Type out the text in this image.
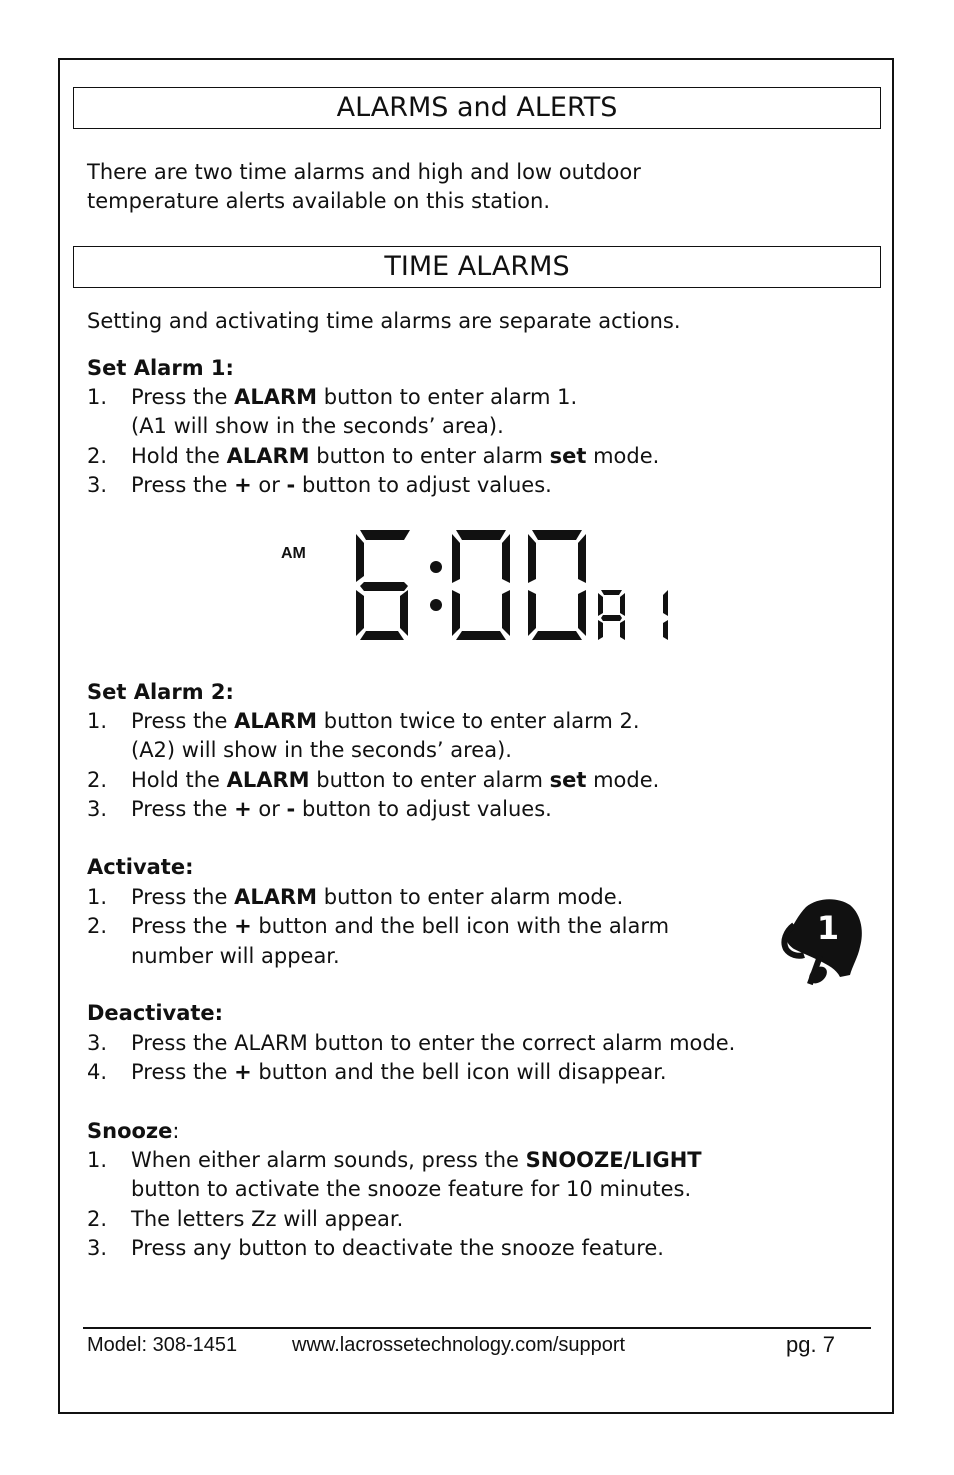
ALARMS and ALERTS

There are two time alarms and high and low outdoor
temperature alerts available on this station.

TIME ALARMS

Setting and activating time alarms are separate actions.

Set Alarm 1:
1. Press the ALARM button to enter alarm 1.
(A1 will show in the seconds’ area).
2. Hold the ALARM button to enter alarm set mode.
3. Press the + or - button to adjust values.
AM
Set Alarm 2:
1. Press the ALARM button twice to enter alarm 2.
(A2) will show in the seconds’ area).
2. Hold the ALARM button to enter alarm set mode.
3. Press the + or - button to adjust values.
Activate:
1. Press the ALARM button to enter alarm mode.
2. Press the + button and the bell icon with the alarm
number will appear.
1
Deactivate:
3. Press the ALARM button to enter the correct alarm mode.
4. Press the + button and the bell icon will disappear.
Snooze:
1. When either alarm sounds, press the SNOOZE/LIGHT
button to activate the snooze feature for 10 minutes.
2. The letters Zz will appear.
3. Press any button to deactivate the snooze feature.
Model: 308-1451	www.lacrossetechnology.com/support	pg. 7
